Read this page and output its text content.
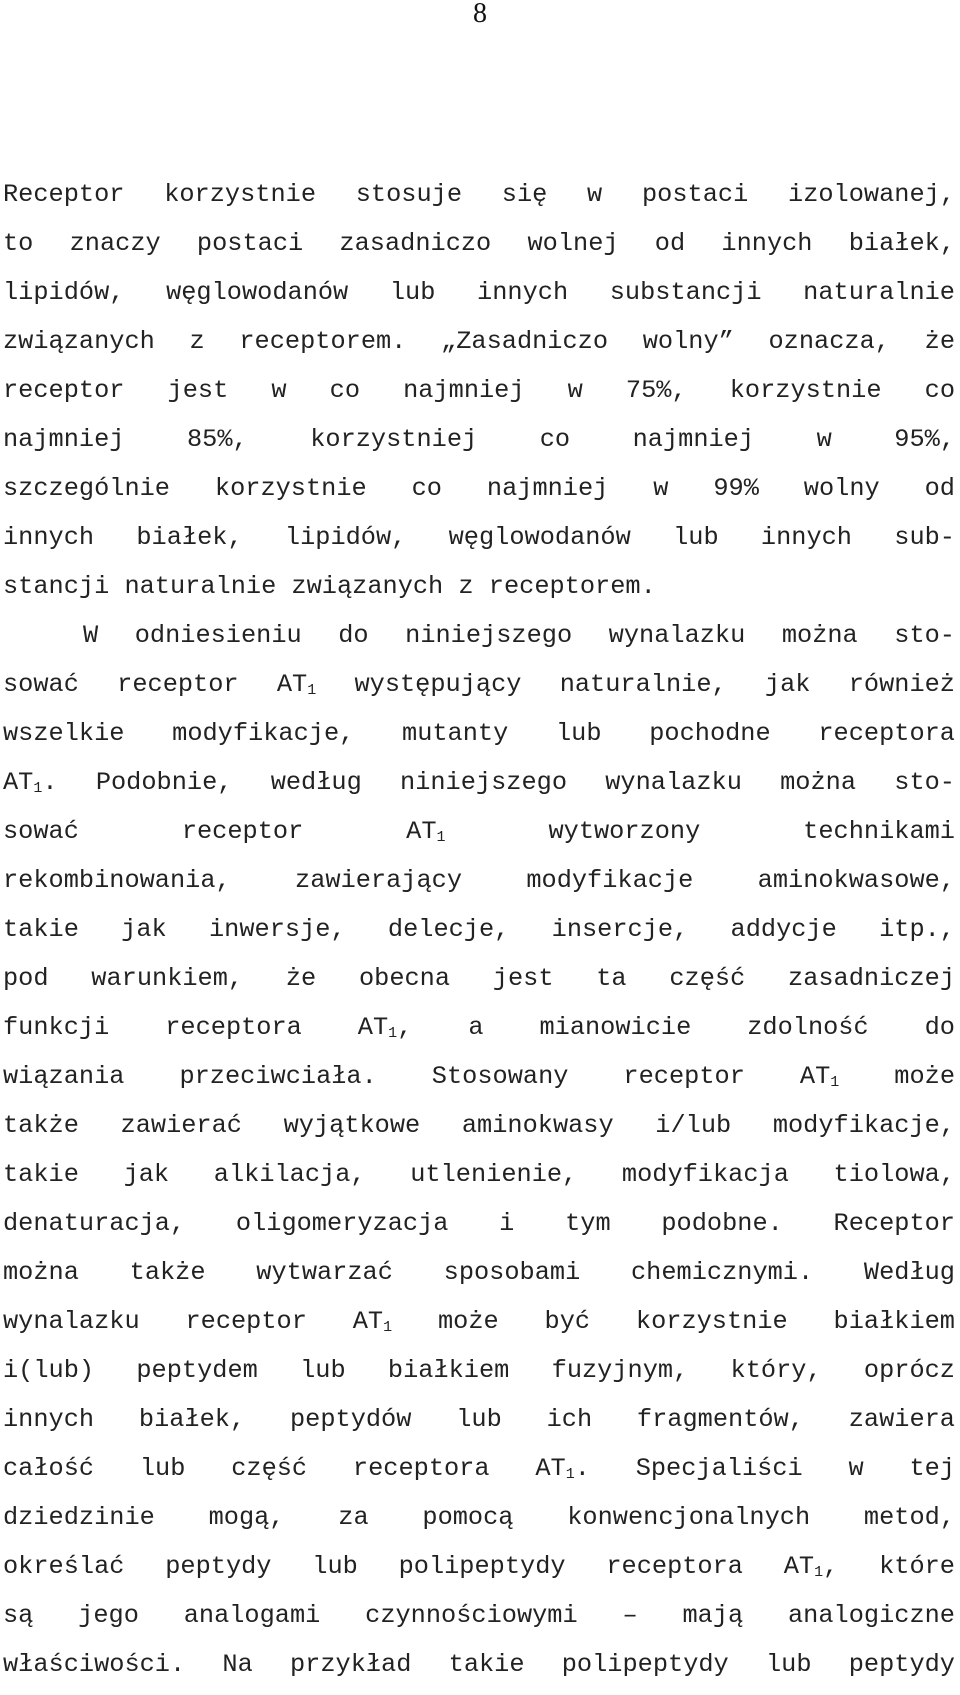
8
Receptor korzystnie stosuje się w postaci izolowanej,
to znaczy postaci zasadniczo wolnej od innych białek,
lipidów, węglowodanów lub innych substancji naturalnie
związanych z receptorem. „Zasadniczo wolny” oznacza, że
receptor jest w co najmniej w 75%, korzystnie co
najmniej 85%, korzystniej co najmniej w 95%,
szczególnie korzystnie co najmniej w 99% wolny od
innych białek, lipidów, węglowodanów lub innych sub-
stancji naturalnie związanych z receptorem.
W odniesieniu do niniejszego wynalazku można sto-
sować receptor $AT_1$ występujący naturalnie, jak również
wszelkie modyfikacje, mutanty lub pochodne receptora
$AT_1$. Podobnie, według niniejszego wynalazku można sto-
sować receptor $AT_1$ wytworzony technikami
rekombinowania, zawierający modyfikacje aminokwasowe,
takie jak inwersje, delecje, insercje, addycje itp.,
pod warunkiem, że obecna jest ta część zasadniczej
funkcji receptora $AT_1$, a mianowicie zdolność do
wiązania przeciwciała. Stosowany receptor $AT_1$ może
także zawierać wyjątkowe aminokwasy i/lub modyfikacje,
takie jak alkilacja, utlenienie, modyfikacja tiolowa,
denaturacja, oligomeryzacja i tym podobne. Receptor
można także wytwarzać sposobami chemicznymi. Według
wynalazku receptor $AT_1$ może być korzystnie białkiem
i(lub) peptydem lub białkiem fuzyjnym, który, oprócz
innych białek, peptydów lub ich fragmentów, zawiera
całość lub część receptora $AT_1$. Specjaliści w tej
dziedzinie mogą, za pomocą konwencjonalnych metod,
określać peptydy lub polipeptydy receptora $AT_1$, które
są jego analogami czynnościowymi – mają analogiczne
właściwości. Na przykład takie polipeptydy lub peptydy
